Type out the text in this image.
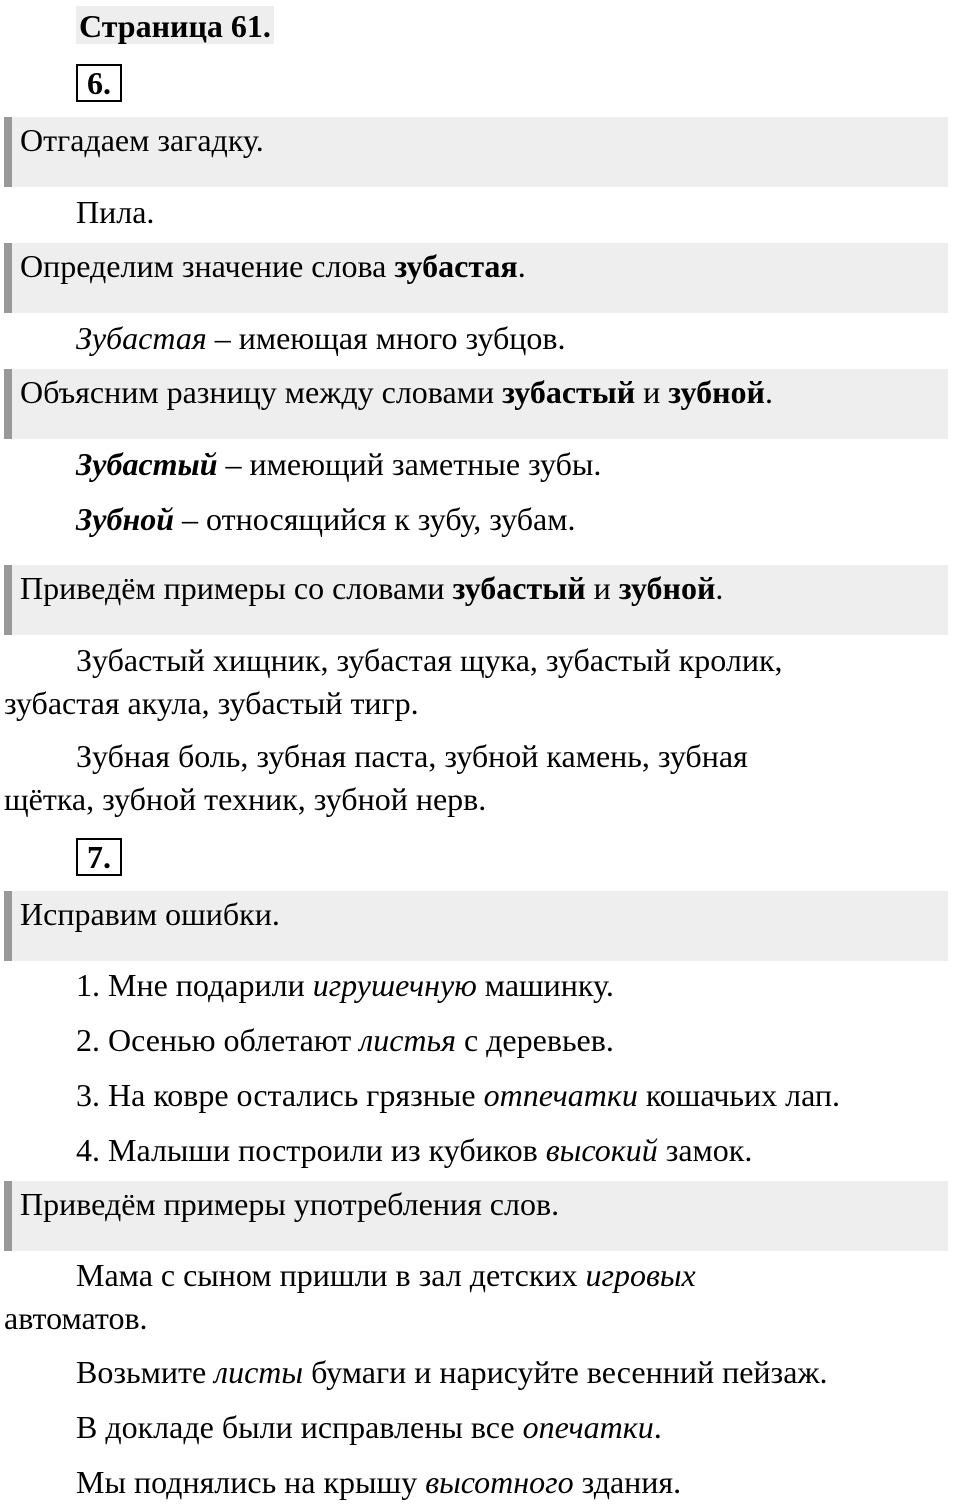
Страница 61.
6.
Отгадаем загадку.
Пила.
Определим значение слова зубастая.
Зубастая – имеющая много зубцов.
Объясним разницу между словами зубастый и зубной.
Зубастый – имеющий заметные зубы.
Зубной – относящийся к зубу, зубам.
Приведём примеры со словами зубастый и зубной.
Зубастый хищник, зубастая щука, зубастый кролик,
зубастая акула, зубастый тигр.
Зубная боль, зубная паста, зубной камень, зубная
щётка, зубной техник, зубной нерв.
7.
Исправим ошибки.
1. Мне подарили игрушечную машинку.
2. Осенью облетают листья с деревьев.
3. На ковре остались грязные отпечатки кошачьих лап.
4. Малыши построили из кубиков высокий замок.
Приведём примеры употребления слов.
Мама с сыном пришли в зал детских игровых
автоматов.
Возьмите листы бумаги и нарисуйте весенний пейзаж.
В докладе были исправлены все опечатки.
Мы поднялись на крышу высотного здания.
